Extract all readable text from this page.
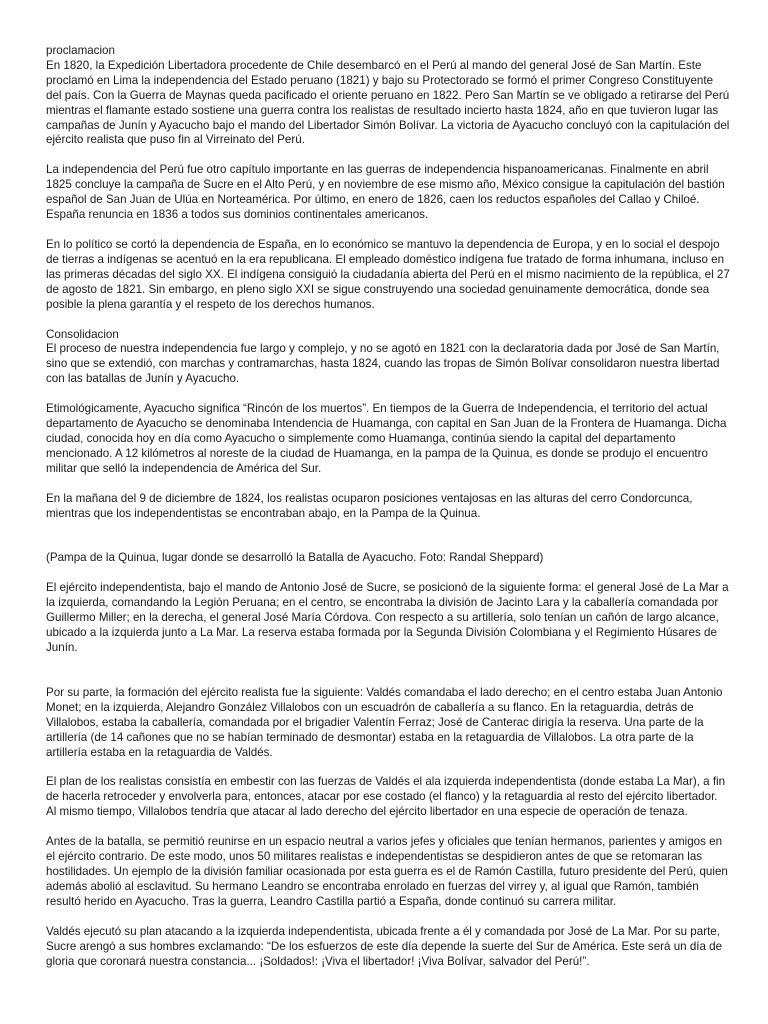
proclamacion

En 1820, la Expedición Libertadora procedente de Chile desembarcó en el Perú al mando del general José de San Martín. Este proclamó en Lima la independencia del Estado peruano (1821) y bajo su Protectorado se formó el primer Congreso Constituyente del país. Con la Guerra de Maynas queda pacificado el oriente peruano en 1822. Pero San Martín se ve obligado a retirarse del Perú mientras el flamante estado sostiene una guerra contra los realistas de resultado incierto hasta 1824, año en que tuvieron lugar las campañas de Junín y Ayacucho bajo el mando del Libertador Simón Bolívar. La victoria de Ayacucho concluyó con la capitulación del ejército realista que puso fin al Virreinato del Perú.

La independencia del Perú fue otro capítulo importante en las guerras de independencia hispanoamericanas. Finalmente en abril 1825 concluye la campaña de Sucre en el Alto Perú, y en noviembre de ese mismo año, México consigue la capitulación del bastión español de San Juan de Ulúa en Norteamérica. Por último, en enero de 1826, caen los reductos españoles del Callao y Chiloé. España renuncia en 1836 a todos sus dominios continentales americanos.

En lo político se cortó la dependencia de España, en lo económico se mantuvo la dependencia de Europa, y en lo social el despojo de tierras a indígenas se acentuó en la era republicana. El empleado doméstico indígena fue tratado de forma inhumana, incluso en las primeras décadas del siglo XX. El indígena consiguió la ciudadanía abierta del Perú en el mismo nacimiento de la república, el 27 de agosto de 1821. Sin embargo, en pleno siglo XXI se sigue construyendo una sociedad genuinamente democrática, donde sea posible la plena garantía y el respeto de los derechos humanos.

Consolidacion

El proceso de nuestra independencia fue largo y complejo, y no se agotó en 1821 con la declaratoria dada por José de San Martín, sino que se extendió, con marchas y contramarchas, hasta 1824, cuando las tropas de Simón Bolívar consolidaron nuestra libertad con las batallas de Junín y Ayacucho.

Etimológicamente, Ayacucho significa “Rincón de los muertos”. En tiempos de la Guerra de Independencia, el territorio del actual departamento de Ayacucho se denominaba Intendencia de Huamanga, con capital en San Juan de la Frontera de Huamanga. Dicha ciudad, conocida hoy en día como Ayacucho o simplemente como Huamanga, continúa siendo la capital del departamento mencionado. A 12 kilómetros al noreste de la ciudad de Huamanga, en la pampa de la Quinua, es donde se produjo el encuentro militar que selló la independencia de América del Sur.

En la mañana del 9 de diciembre de 1824, los realistas ocuparon posiciones ventajosas en las alturas del cerro Condorcunca, mientras que los independentistas se encontraban abajo, en la Pampa de la Quinua.

(Pampa de la Quinua, lugar donde se desarrolló la Batalla de Ayacucho. Foto: Randal Sheppard)

El ejército independentista, bajo el mando de Antonio José de Sucre, se posicionó de la siguiente forma: el general José de La Mar a la izquierda, comandando la Legión Peruana; en el centro, se encontraba la división de Jacinto Lara y la caballería comandada por Guillermo Miller; en la derecha, el general José María Córdova. Con respecto a su artillería, solo tenían un cañón de largo alcance, ubicado a la izquierda junto a La Mar. La reserva estaba formada por la Segunda División Colombiana y el Regimiento Húsares de Junín.

Por su parte, la formación del ejército realista fue la siguiente: Valdés comandaba el lado derecho; en el centro estaba Juan Antonio Monet; en la izquierda, Alejandro González Villalobos con un escuadrón de caballería a su flanco. En la retaguardia, detrás de Villalobos, estaba la caballería, comandada por el brigadier Valentín Ferraz; José de Canterac dirigía la reserva. Una parte de la artillería (de 14 cañones que no se habían terminado de desmontar) estaba en la retaguardia de Villalobos. La otra parte de la artillería estaba en la retaguardia de Valdés.

El plan de los realistas consistía en embestir con las fuerzas de Valdés el ala izquierda independentista (donde estaba La Mar), a fin de hacerla retroceder y envolverla para, entonces, atacar por ese costado (el flanco) y la retaguardia al resto del ejército libertador. Al mismo tiempo, Villalobos tendría que atacar al lado derecho del ejército libertador en una especie de operación de tenaza.

Antes de la batalla, se permitió reunirse en un espacio neutral a varios jefes y oficiales que tenían hermanos, parientes y amigos en el ejército contrario. De este modo, unos 50 militares realistas e independentistas se despidieron antes de que se retomaran las hostilidades. Un ejemplo de la división familiar ocasionada por esta guerra es el de Ramón Castilla, futuro presidente del Perú, quien además abolió al esclavitud. Su hermano Leandro se encontraba enrolado en fuerzas del virrey y, al igual que Ramón, también resultó herido en Ayacucho. Tras la guerra, Leandro Castilla partió a España, donde continuó su carrera militar.

Valdés ejecutó su plan atacando a la izquierda independentista, ubicada frente a él y comandada por José de La Mar. Por su parte, Sucre arengó a sus hombres exclamando: “De los esfuerzos de este día depende la suerte del Sur de América. Este será un día de gloria que coronará nuestra constancia... ¡Soldados!: ¡Viva el libertador! ¡Viva Bolívar, salvador del Perú!”.
